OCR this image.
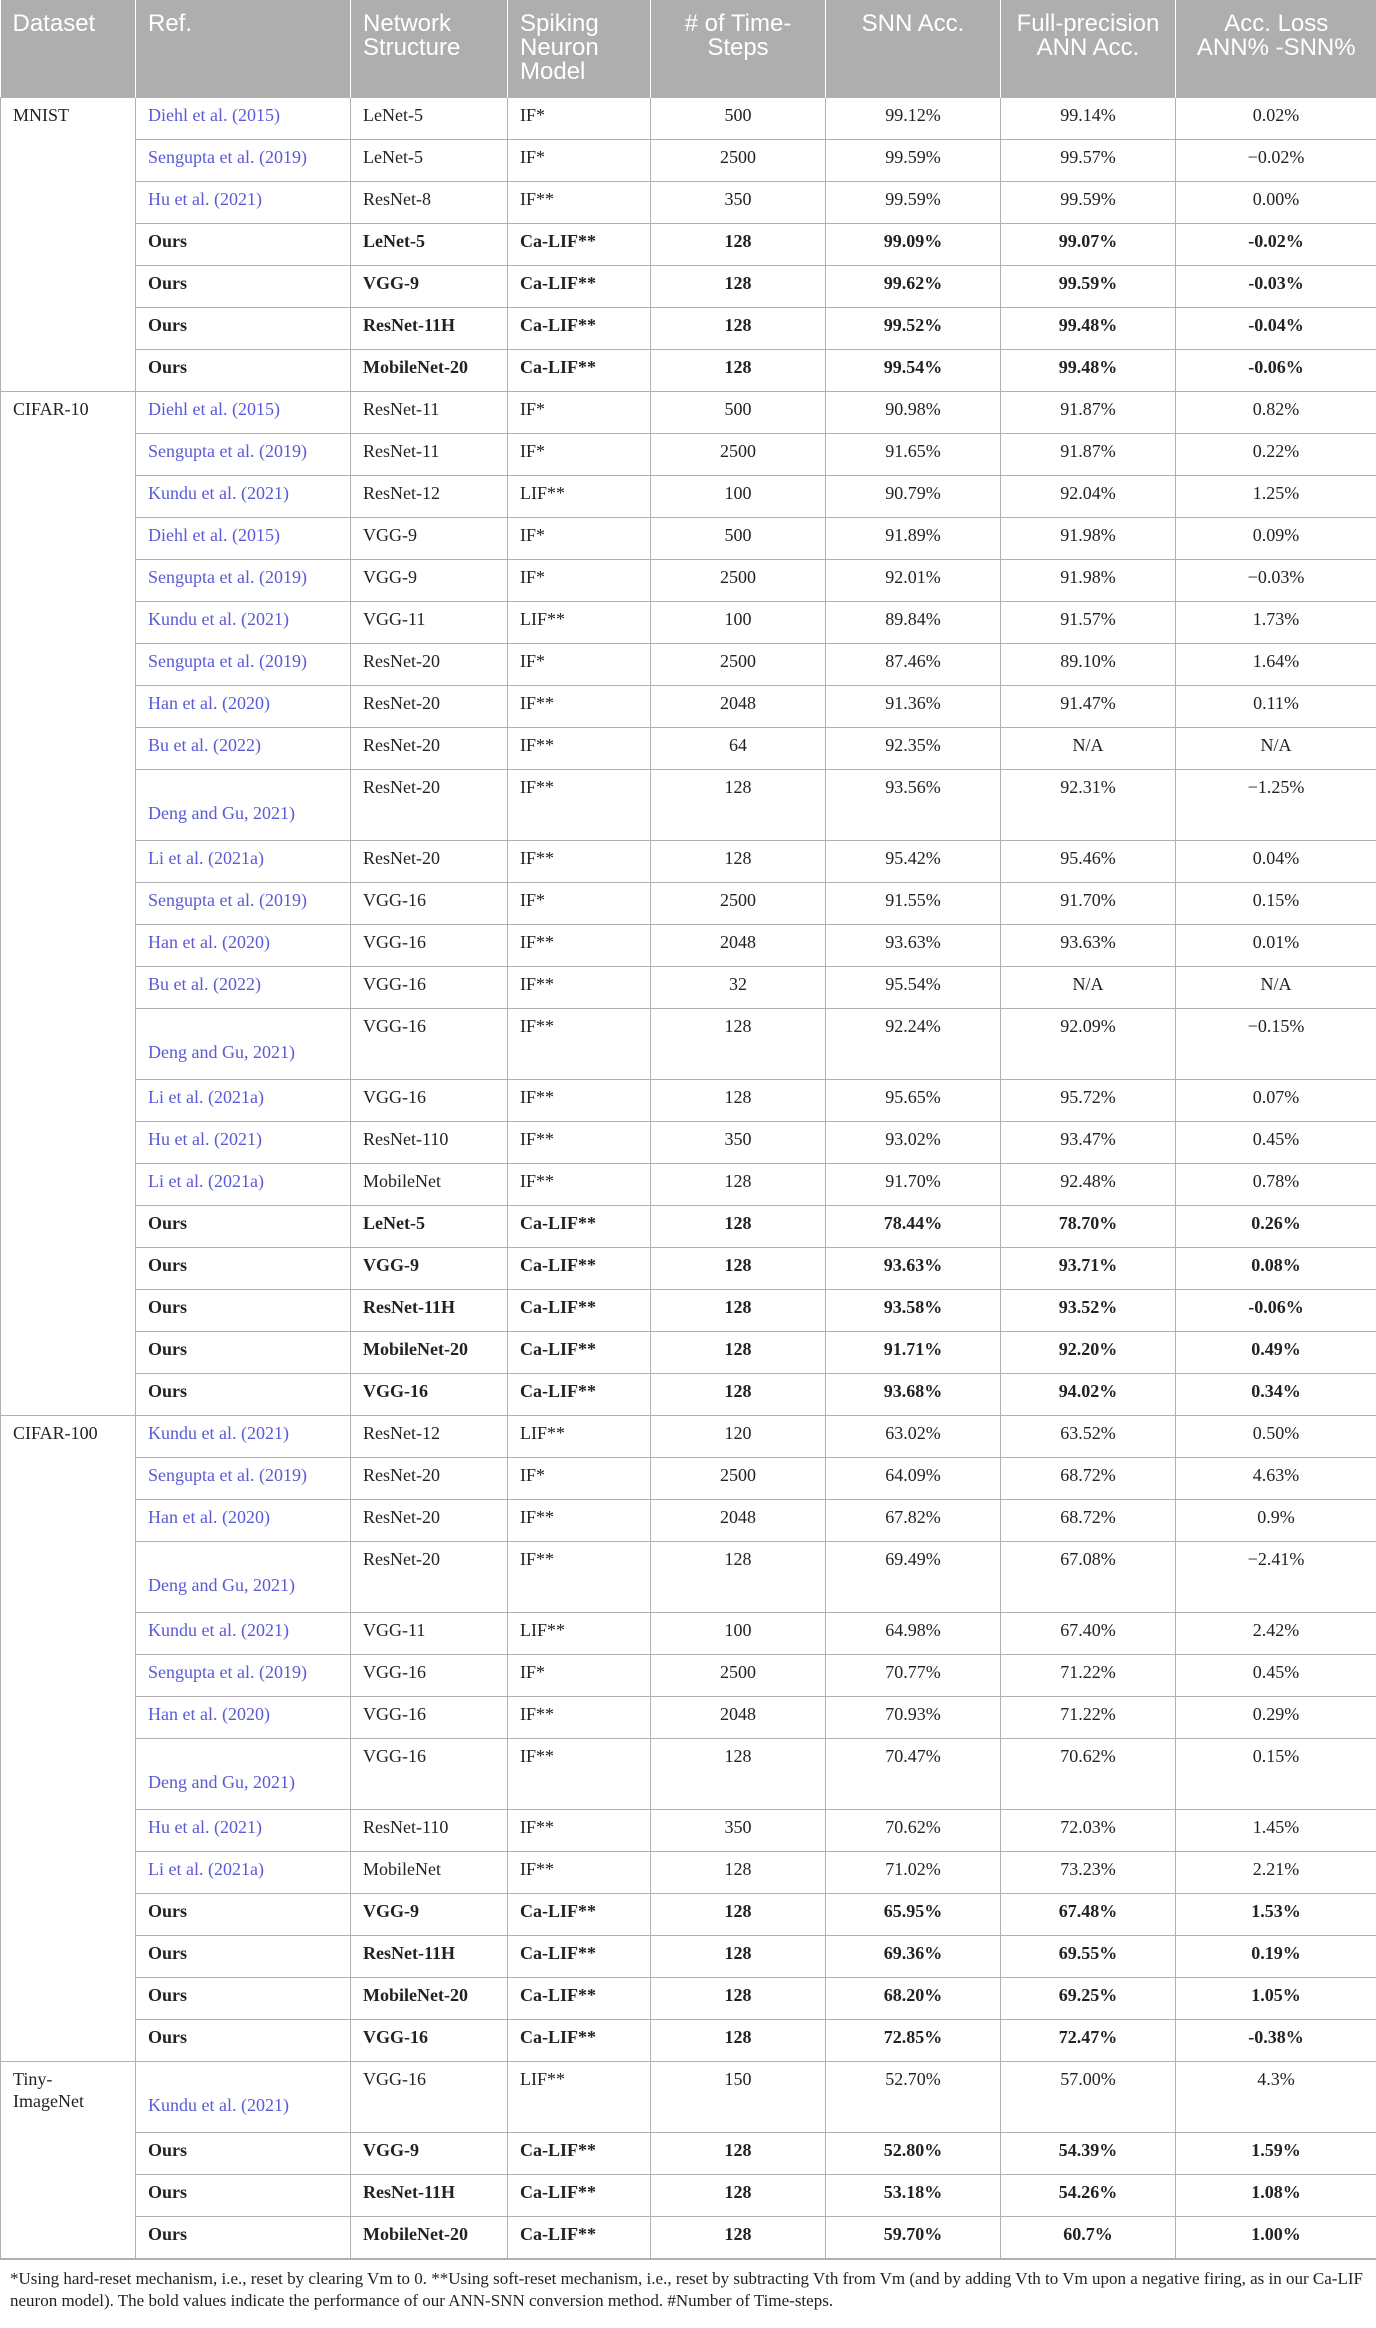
Dataset	Ref.	Network Structure	Spiking Neuron Model	# of Time-Steps	SNN Acc.	Full-precision ANN Acc.	Acc. Loss ANN% -SNN%
MNIST	Diehl et al. (2015)	LeNet-5	IF*	500	99.12%	99.14%	0.02%

	Sengupta et al. (2019)	LeNet-5	IF*	2500	99.59%	99.57%	−0.02%

	Hu et al. (2021)	ResNet-8	IF**	350	99.59%	99.59%	0.00%
	Ours	LeNet-5	Ca-LIF**	128	99.09%	99.07%	-0.02%
	Ours	VGG-9	Ca-LIF**	128	99.62%	99.59%	-0.03%
	Ours	ResNet-11H	Ca-LIF**	128	99.52%	99.48%	-0.04%
	Ours	MobileNet-20	Ca-LIF**	128	99.54%	99.48%	-0.06%
CIFAR-10	Diehl et al. (2015)	ResNet-11	IF*	500	90.98%	91.87%	0.82%

	Sengupta et al. (2019)	ResNet-11	IF*	2500	91.65%	91.87%	0.22%

	Kundu et al. (2021)	ResNet-12	LIF**	100	90.79%	92.04%	1.25%

	Diehl et al. (2015)	VGG-9	IF*	500	91.89%	91.98%	0.09%

	Sengupta et al. (2019)	VGG-9	IF*	2500	92.01%	91.98%	−0.03%

	Kundu et al. (2021)	VGG-11	LIF**	100	89.84%	91.57%	1.73%

	Sengupta et al. (2019)	ResNet-20	IF*	2500	87.46%	89.10%	1.64%

	Han et al. (2020)	ResNet-20	IF**	2048	91.36%	91.47%	0.11%

	Bu et al. (2022)	ResNet-20	IF**	64	92.35%	N/A	N/A

	Deng and Gu, 2021)	ResNet-20	IF**	128	93.56%	92.31%	−1.25%

	Li et al. (2021a)	ResNet-20	IF**	128	95.42%	95.46%	0.04%

	Sengupta et al. (2019)	VGG-16	IF*	2500	91.55%	91.70%	0.15%

	Han et al. (2020)	VGG-16	IF**	2048	93.63%	93.63%	0.01%

	Bu et al. (2022)	VGG-16	IF**	32	95.54%	N/A	N/A

	Deng and Gu, 2021)	VGG-16	IF**	128	92.24%	92.09%	−0.15%

	Li et al. (2021a)	VGG-16	IF**	128	95.65%	95.72%	0.07%

	Hu et al. (2021)	ResNet-110	IF**	350	93.02%	93.47%	0.45%

	Li et al. (2021a)	MobileNet	IF**	128	91.70%	92.48%	0.78%
	Ours	LeNet-5	Ca-LIF**	128	78.44%	78.70%	0.26%
	Ours	VGG-9	Ca-LIF**	128	93.63%	93.71%	0.08%
	Ours	ResNet-11H	Ca-LIF**	128	93.58%	93.52%	-0.06%
	Ours	MobileNet-20	Ca-LIF**	128	91.71%	92.20%	0.49%
	Ours	VGG-16	Ca-LIF**	128	93.68%	94.02%	0.34%
CIFAR-100	Kundu et al. (2021)	ResNet-12	LIF**	120	63.02%	63.52%	0.50%

	Sengupta et al. (2019)	ResNet-20	IF*	2500	64.09%	68.72%	4.63%

	Han et al. (2020)	ResNet-20	IF**	2048	67.82%	68.72%	0.9%

	Deng and Gu, 2021)	ResNet-20	IF**	128	69.49%	67.08%	−2.41%

	Kundu et al. (2021)	VGG-11	LIF**	100	64.98%	67.40%	2.42%

	Sengupta et al. (2019)	VGG-16	IF*	2500	70.77%	71.22%	0.45%

	Han et al. (2020)	VGG-16	IF**	2048	70.93%	71.22%	0.29%

	Deng and Gu, 2021)	VGG-16	IF**	128	70.47%	70.62%	0.15%

	Hu et al. (2021)	ResNet-110	IF**	350	70.62%	72.03%	1.45%

	Li et al. (2021a)	MobileNet	IF**	128	71.02%	73.23%	2.21%
	Ours	VGG-9	Ca-LIF**	128	65.95%	67.48%	1.53%
	Ours	ResNet-11H	Ca-LIF**	128	69.36%	69.55%	0.19%
	Ours	MobileNet-20	Ca-LIF**	128	68.20%	69.25%	1.05%
	Ours	VGG-16	Ca-LIF**	128	72.85%	72.47%	-0.38%
Tiny-ImageNet	Kundu et al. (2021)	VGG-16	LIF**	150	52.70%	57.00%	4.3%
	Ours	VGG-9	Ca-LIF**	128	52.80%	54.39%	1.59%
	Ours	ResNet-11H	Ca-LIF**	128	53.18%	54.26%	1.08%
	Ours	MobileNet-20	Ca-LIF**	128	59.70%	60.7%	1.00%
*Using hard-reset mechanism, i.e., reset by clearing Vm to 0. **Using soft-reset mechanism, i.e., reset by subtracting Vth from Vm (and by adding Vth to Vm upon a negative firing, as in our Ca-LIF neuron model). The bold values indicate the performance of our ANN-SNN conversion method. #Number of Time-steps.
